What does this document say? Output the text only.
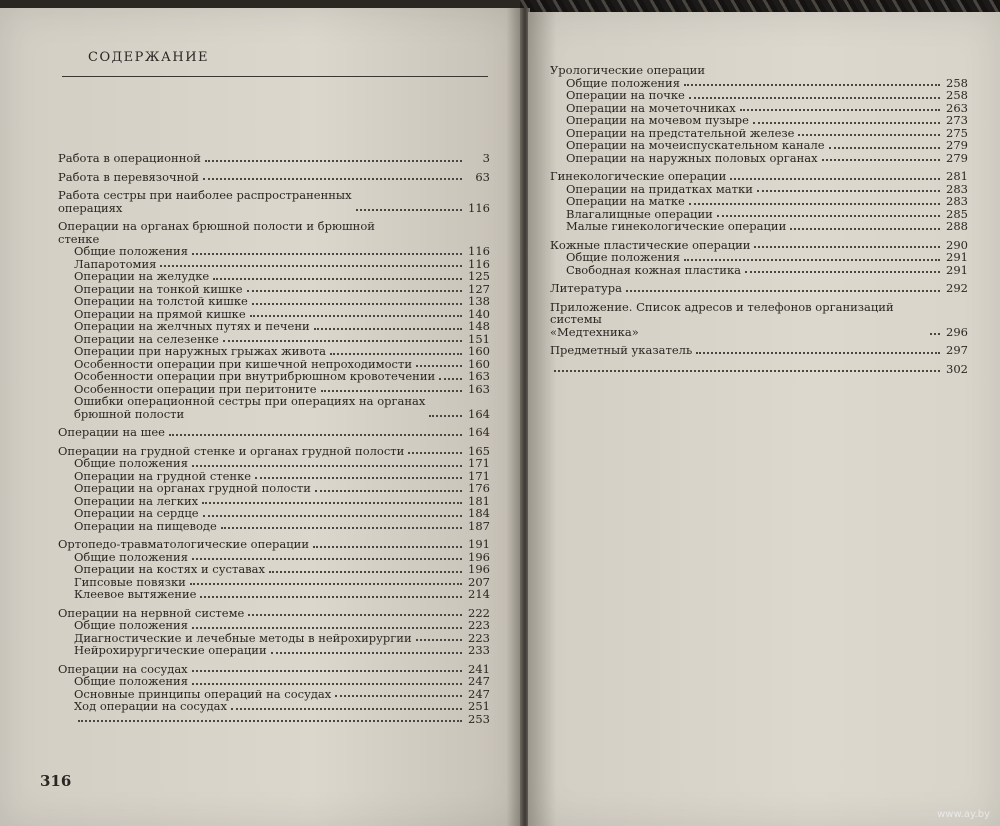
СОДЕРЖАНИЕ
Работа в операционной	3
Работа в перевязочной	63
Работа сестры при наиболее распространенных
операциях	116
Операции на органах брюшной полости и брюшной
стенке
Общие положения	116
Лапаротомия	116
Операции на желудке	125
Операции на тонкой кишке	127
Операции на толстой кишке	138
Операции на прямой кишке	140
Операции на желчных путях и печени	148
Операции на селезенке	151
Операции при наружных грыжах живота	160
Особенности операции при кишечной непроходимости	160
Особенности операции при внутрибрюшном кровотечении	163
Особенности операции при перитоните	163
Ошибки операционной сестры при операциях на органах
брюшной полости	164
Операции на шее	164
Операции на грудной стенке и органах грудной полости	165
Общие положения	171
Операции на грудной стенке	171
Операции на органах грудной полости	176
Операции на легких	181
Операции на сердце	184
Операции на пищеводе	187
Ортопедо-травматологические операции	191
Общие положения	196
Операции на костях и суставах	196
Гипсовые повязки	207
Клеевое вытяжение	214
Операции на нервной системе	222
Общие положения	223
Диагностические и лечебные методы в нейрохирургии	223
Нейрохирургические операции	233
Операции на сосудах	241
Общие положения	247
Основные принципы операций на сосудах	247
Ход операции на сосудах	251
253
Урологические операции
Общие положения	258
Операции на почке	258
Операции на мочеточниках	263
Операции на мочевом пузыре	273
Операции на предстательной железе	275
Операции на мочеиспускательном канале	279
Операции на наружных половых органах	279
Гинекологические операции	281
Операции на придатках матки	283
Операции на матке	283
Влагалищные операции	285
Малые гинекологические операции	288
Кожные пластические операции	290
Общие положения	291
Свободная кожная пластика	291
Литература	292
Приложение. Список адресов и телефонов организаций системы
«Медтехника»	296
Предметный указатель	297
302
316
www.ay.by
